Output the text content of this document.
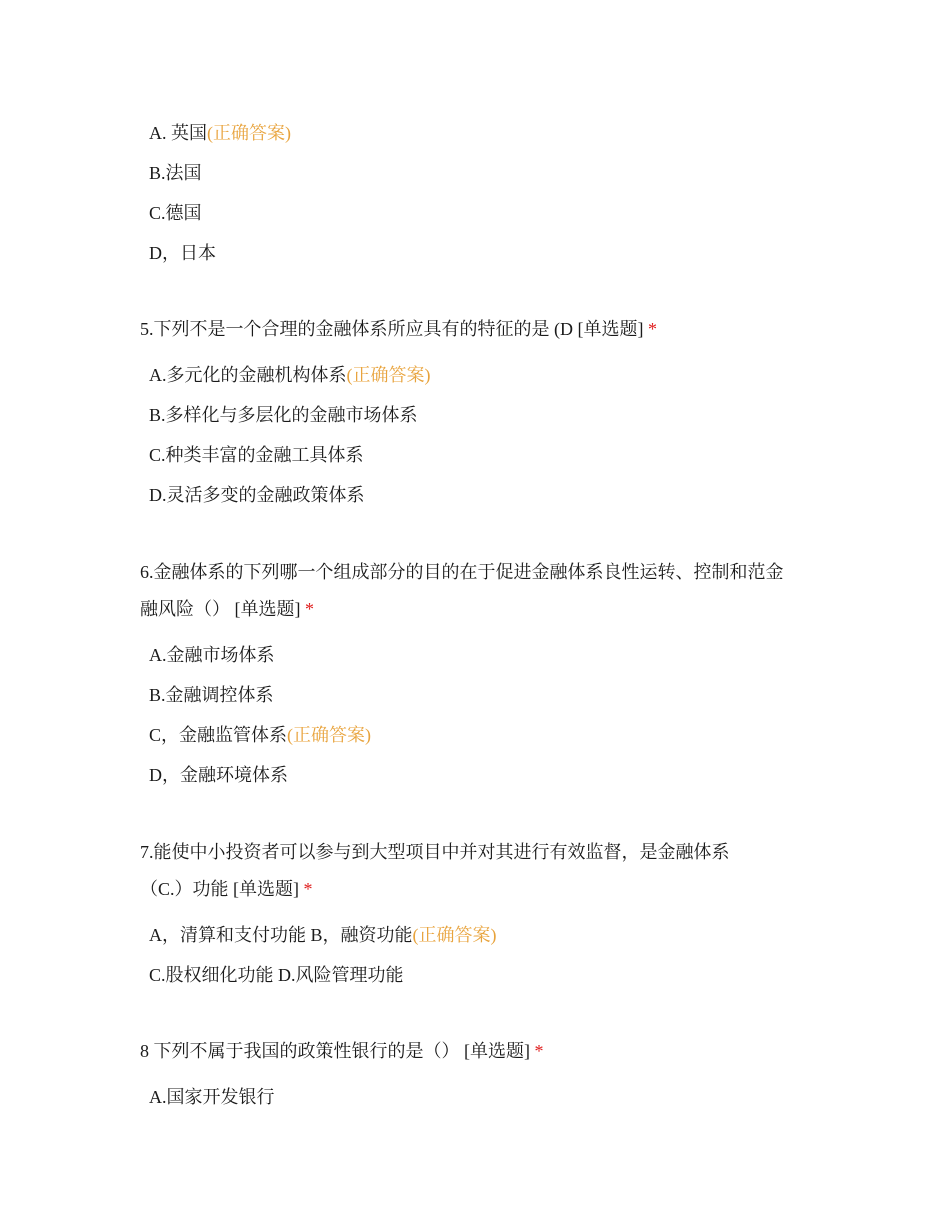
A. 英国(正确答案)
B.法国
C.德国
D，日本
5.下列不是一个合理的金融体系所应具有的特征的是 (D [单选题] *
A.多元化的金融机构体系(正确答案)
B.多样化与多层化的金融市场体系
C.种类丰富的金融工具体系
D.灵活多变的金融政策体系
6.金融体系的下列哪一个组成部分的目的在于促进金融体系良性运转、控制和范金
融风险（） [单选题] *
A.金融市场体系
B.金融调控体系
C，金融监管体系(正确答案)
D，金融环境体系
7.能使中小投资者可以参与到大型项目中并对其进行有效监督，是金融体系
（C.）功能 [单选题] *
A，清算和支付功能 B，融资功能(正确答案)
C.股权细化功能 D.风险管理功能
8 下列不属于我国的政策性银行的是（） [单选题] *
A.国家开发银行
